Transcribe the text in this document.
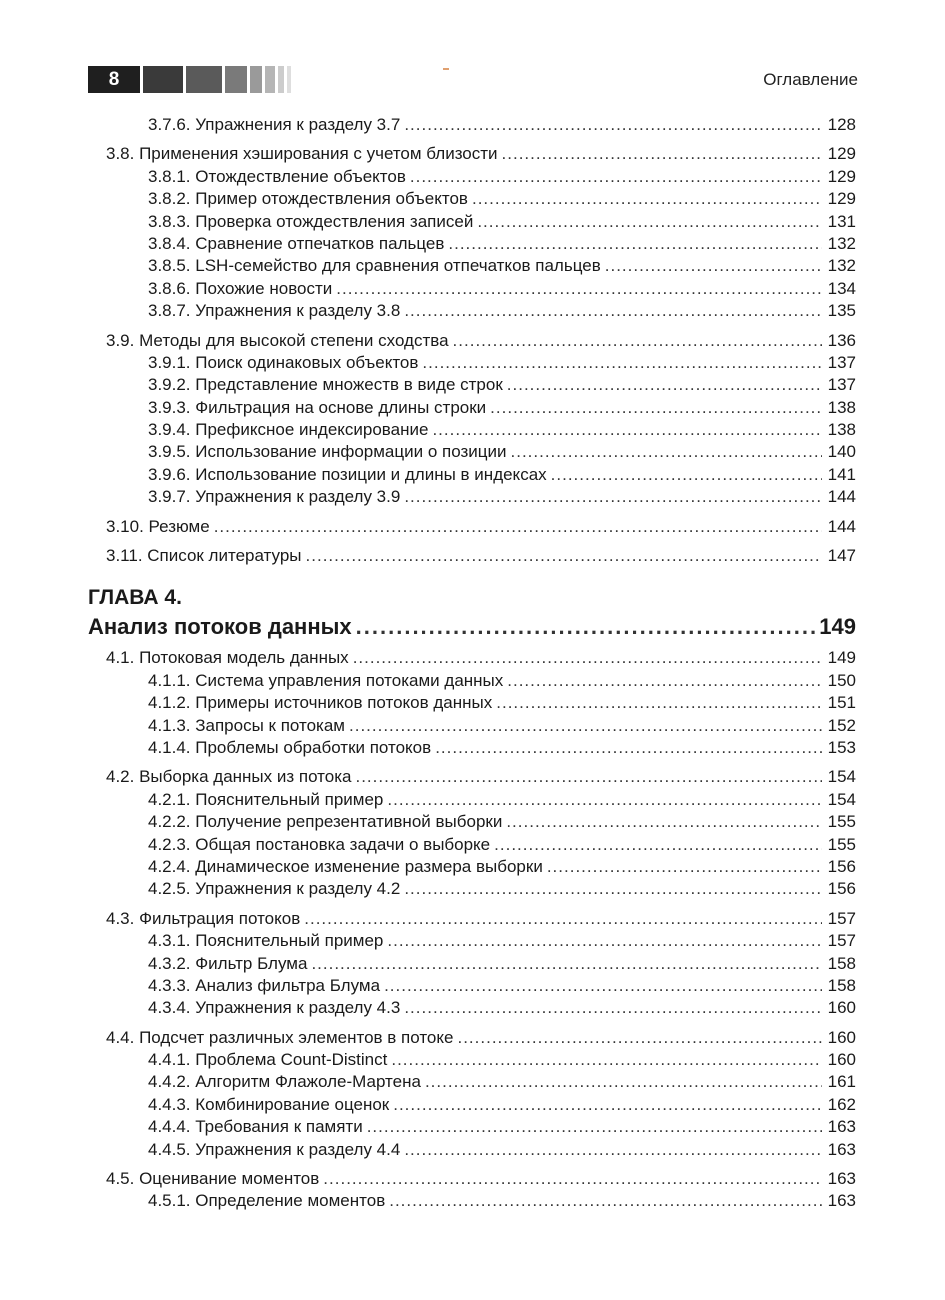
8	Оглавление
3.7.6. Упражнения к разделу 3.7 .....	128
3.8. Применения хэширования с учетом близости .....	129
3.8.1. Отождествление объектов .....	129
3.8.2. Пример отождествления объектов .....	129
3.8.3. Проверка отождествления записей .....	131
3.8.4. Сравнение отпечатков пальцев .....	132
3.8.5. LSH-семейство для сравнения отпечатков пальцев .....	132
3.8.6. Похожие новости .....	134
3.8.7. Упражнения к разделу 3.8 .....	135
3.9. Методы для высокой степени сходства .....	136
3.9.1. Поиск одинаковых объектов .....	137
3.9.2. Представление множеств в виде строк .....	137
3.9.3. Фильтрация на основе длины строки .....	138
3.9.4. Префиксное индексирование .....	138
3.9.5. Использование информации о позиции .....	140
3.9.6. Использование позиции и длины в индексах .....	141
3.9.7. Упражнения к разделу 3.9 .....	144
3.10. Резюме .....	144
3.11. Список литературы .....	147
ГЛАВА 4.
Анализ потоков данных .....	149
4.1. Потоковая модель данных .....	149
4.1.1. Система управления потоками данных .....	150
4.1.2. Примеры источников потоков данных .....	151
4.1.3. Запросы к потокам .....	152
4.1.4. Проблемы обработки потоков .....	153
4.2. Выборка данных из потока .....	154
4.2.1. Пояснительный пример .....	154
4.2.2. Получение репрезентативной выборки .....	155
4.2.3. Общая постановка задачи о выборке .....	155
4.2.4. Динамическое изменение размера выборки .....	156
4.2.5. Упражнения к разделу 4.2 .....	156
4.3. Фильтрация потоков .....	157
4.3.1. Пояснительный пример .....	157
4.3.2. Фильтр Блума .....	158
4.3.3. Анализ фильтра Блума .....	158
4.3.4. Упражнения к разделу 4.3 .....	160
4.4. Подсчет различных элементов в потоке .....	160
4.4.1. Проблема Count-Distinct .....	160
4.4.2. Алгоритм Флажоле-Мартена .....	161
4.4.3. Комбинирование оценок .....	162
4.4.4. Требования к памяти .....	163
4.4.5. Упражнения к разделу 4.4 .....	163
4.5. Оценивание моментов .....	163
4.5.1. Определение моментов .....	163
